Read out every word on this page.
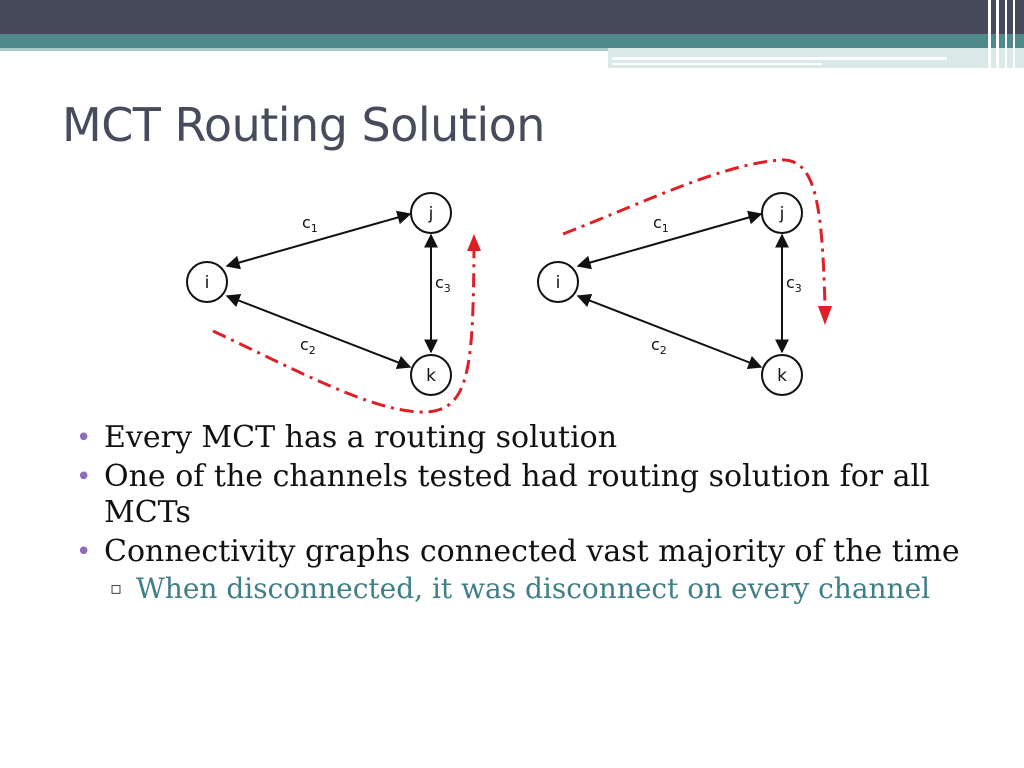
MCT Routing Solution
i
j
k
$c_1$
$c_2$
$c_3$	i
j
k
$c_1$
$c_2$
$c_3$
• Every MCT has a routing solution
• One of the channels tested had routing solution for all MCTs
• Connectivity graphs connected vast majority of the time
▫ When disconnected, it was disconnect on every channel
